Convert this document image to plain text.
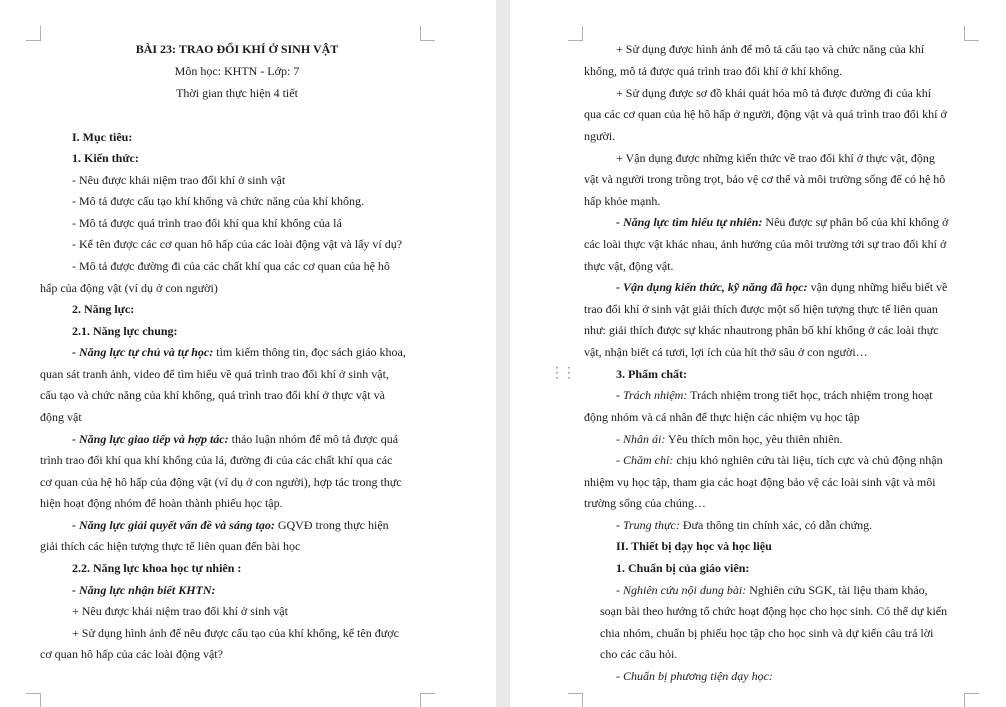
BÀI 23: TRAO ĐỔI KHÍ Ở SINH VẬT
Môn học: KHTN - Lớp: 7
Thời gian thực hiện 4 tiết
I. Mục tiêu:
1. Kiến thức:
- Nêu được khái niệm trao đổi khí ở sinh vật
- Mô tả được cấu tạo khí khổng và chức năng của khí khổng.
- Mô tả được quá trình trao đổi khí qua khí khổng của lá
- Kể tên được các cơ quan hô hấp của các loài động vật và lấy ví dụ?
- Mô tả được đường đi của các chất khí qua các cơ quan của hệ hô
hấp của động vật (ví dụ ở con người)
2. Năng lực:
2.1. Năng lực chung:
- Năng lực tự chủ và tự học: tìm kiếm thông tin, đọc sách giáo khoa,
quan sát tranh ảnh, video để tìm hiểu về quá trình trao đổi khí ở sinh vật,
cấu tạo và chức năng của khí khổng, quá trình trao đổi khí ở thực vật và
động vật
- Năng lực giao tiếp và hợp tác: thảo luận nhóm để mô tả được quá
trình trao đổi khí qua khí khổng của lá, đường đi của các chất khí qua các
cơ quan của hệ hô hấp của động vật (ví dụ ở con người), hợp tác trong thực
hiện hoạt động nhóm để hoàn thành phiếu học tập.
- Năng lực giải quyết vấn đề và sáng tạo: GQVĐ trong thực hiện
giải thích các hiện tượng thực tế liên quan đến bài học
2.2. Năng lực khoa học tự nhiên :
- Năng lực nhận biết KHTN:
+ Nêu được khái niệm trao đổi khí ở sinh vật
+ Sử dụng hình ảnh để nêu được cấu tạo của khí khổng, kể tên được
cơ quan hô hấp của các loài động vật?
+ Sử dụng được hình ảnh để mô tả cấu tạo và chức năng của khí
khổng, mô tả được quá trình trao đổi khí ở khí khổng.
+ Sử dụng được sơ đồ khái quát hóa mô tả được đường đi của khí
qua các cơ quan của hệ hô hấp ở người, động vật và quá trình trao đổi khí ở
người.
+ Vận dụng được những kiến thức về trao đổi khí ở thực vật, động
vật và người trong trồng trọt, bảo vệ cơ thể và môi trường sống để có hệ hô
hấp khỏe mạnh.
- Năng lực tìm hiểu tự nhiên: Nêu được sự phân bố của khí khổng ở
các loài thực vật khác nhau, ảnh hưởng của môi trường tới sự trao đổi khí ở
thực vật, động vật.
- Vận dụng kiến thức, kỹ năng đã học: vận dụng những hiểu biết về
trao đổi khí ở sinh vật giải thích được một số hiện tượng thực tế liên quan
như: giải thích được sự khác nhautrong phân bố khí khổng ở các loài thực
vật, nhận biết cá tươi, lợi ích của hít thở sâu ở con người…
3. Phẩm chất:
- Trách nhiệm: Trách nhiệm trong tiết học, trách nhiệm trong hoạt
động nhóm và cá nhân để thực hiện các nhiệm vụ học tập
- Nhân ái: Yêu thích môn học, yêu thiên nhiên.
- Chăm chỉ: chịu khó nghiên cứu tài liệu, tích cực và chủ động nhận
nhiệm vụ học tập, tham gia các hoạt động bảo vệ các loài sinh vật và môi
trường sống của chúng…
- Trung thực: Đưa thông tin chính xác, có dẫn chứng.
II. Thiết bị dạy học và học liệu
1. Chuẩn bị của giáo viên:
- Nghiên cứu nội dung bài: Nghiên cứu SGK, tài liệu tham khảo,
soạn bài theo hướng tổ chức hoạt động học cho học sinh. Có thể dự kiến
chia nhóm, chuẩn bị phiếu học tập cho học sinh và dự kiến câu trả lời
cho các câu hỏi.
- Chuẩn bị phương tiện dạy học:
⋮⋮
